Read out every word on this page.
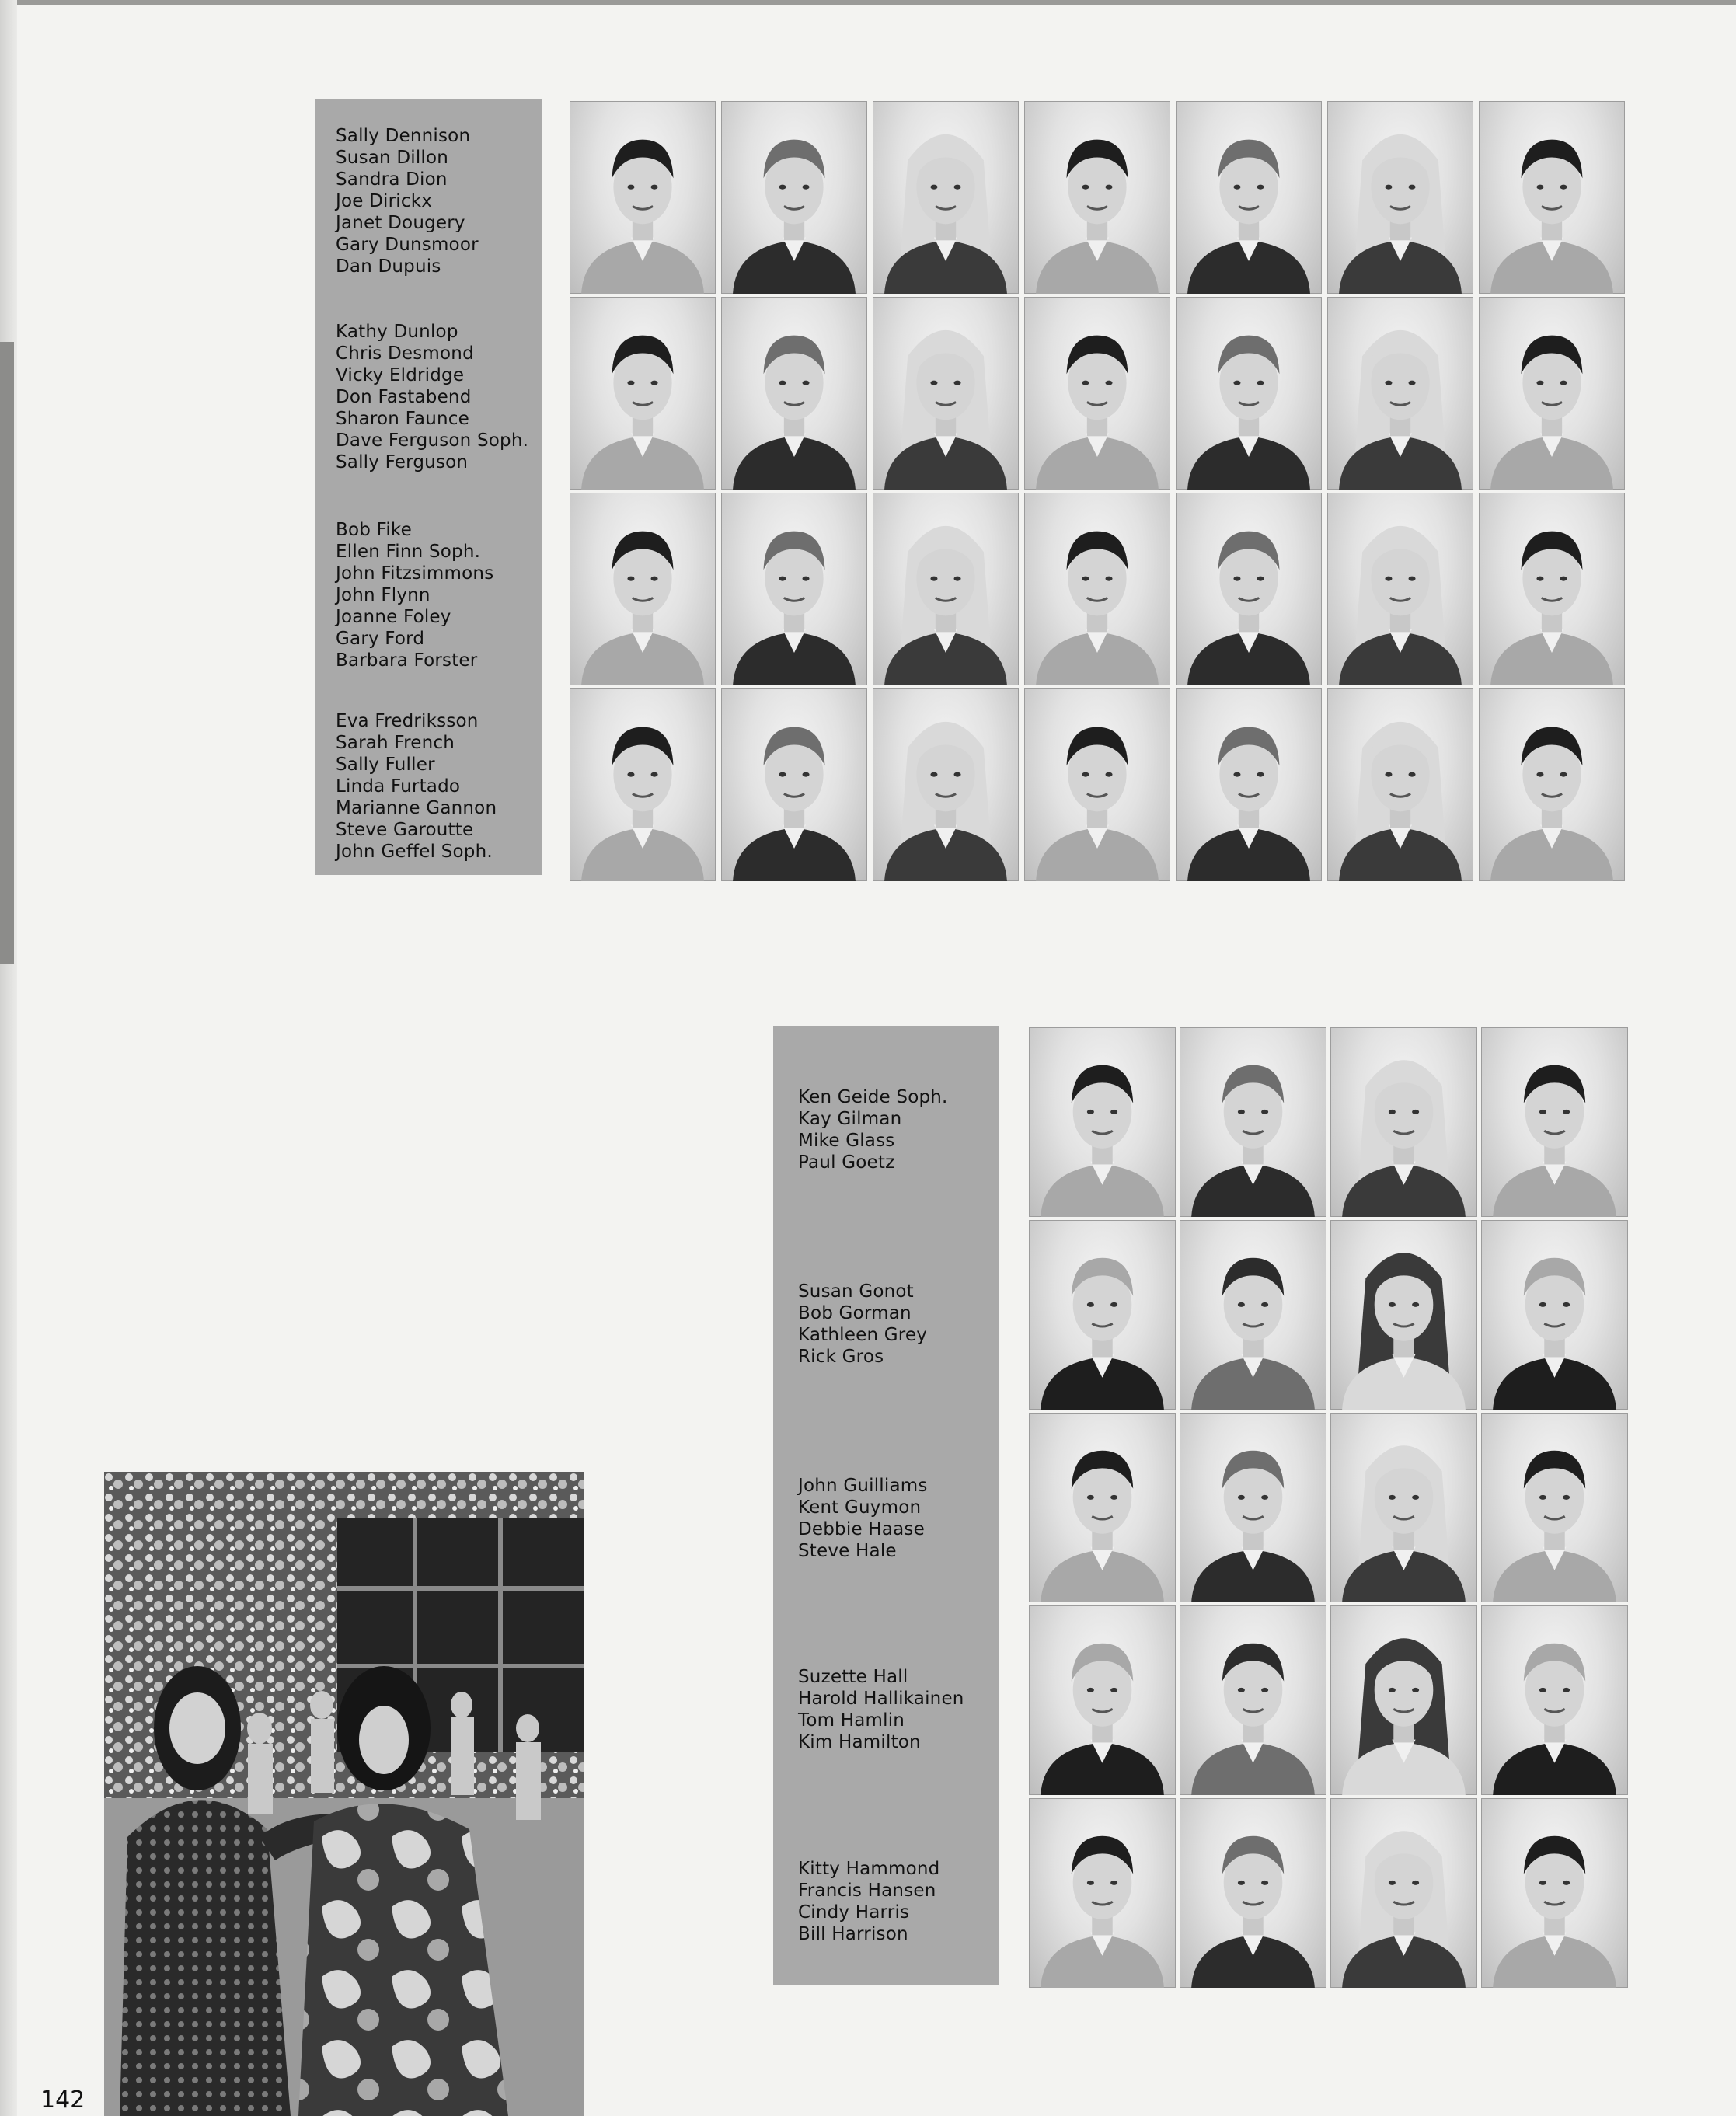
Sally Dennison
Susan Dillon
Sandra Dion
Joe Dirickx
Janet Dougery
Gary Dunsmoor
Dan Dupuis
Kathy Dunlop
Chris Desmond
Vicky Eldridge
Don Fastabend
Sharon Faunce
Dave Ferguson Soph.
Sally Ferguson
Bob Fike
Ellen Finn Soph.
John Fitzsimmons
John Flynn
Joanne Foley
Gary Ford
Barbara Forster
Eva Fredriksson
Sarah French
Sally Fuller
Linda Furtado
Marianne Gannon
Steve Garoutte
John Geffel Soph.
Ken Geide Soph.
Kay Gilman
Mike Glass
Paul Goetz
Susan Gonot
Bob Gorman
Kathleen Grey
Rick Gros
John Guilliams
Kent Guymon
Debbie Haase
Steve Hale
Suzette Hall
Harold Hallikainen
Tom Hamlin
Kim Hamilton
Kitty Hammond
Francis Hansen
Cindy Harris
Bill Harrison
142
